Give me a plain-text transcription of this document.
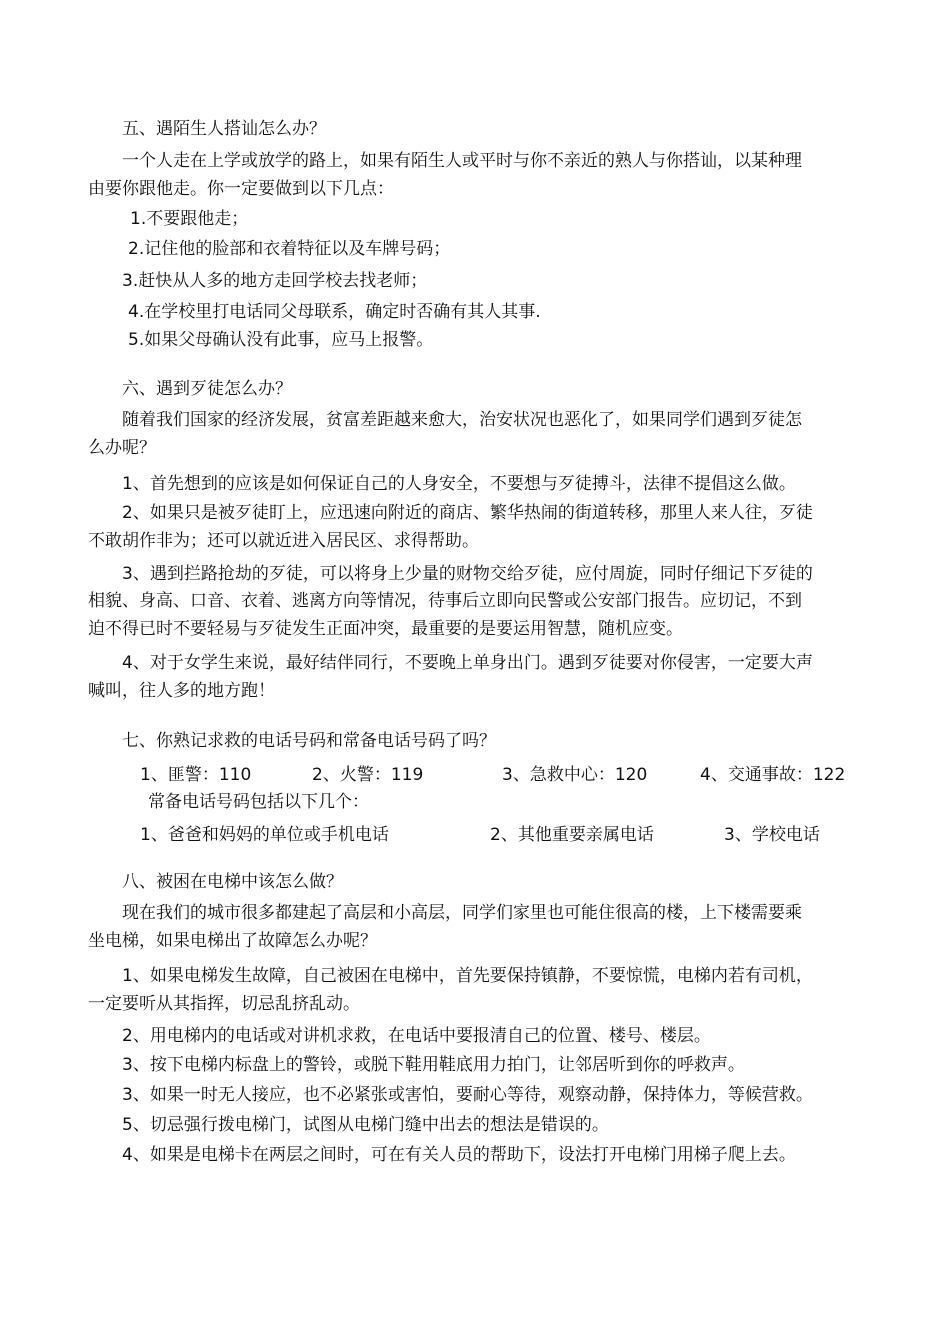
五、遇陌生人搭讪怎么办？
一个人走在上学或放学的路上，如果有陌生人或平时与你不亲近的熟人与你搭讪，以某种理
由要你跟他走。你一定要做到以下几点：
1.不要跟他走；
2.记住他的脸部和衣着特征以及车牌号码；
3.赶快从人多的地方走回学校去找老师；
4.在学校里打电话同父母联系，确定时否确有其人其事.
5.如果父母确认没有此事，应马上报警。
六、遇到歹徒怎么办？
随着我们国家的经济发展，贫富差距越来愈大，治安状况也恶化了，如果同学们遇到歹徒怎
么办呢？
1、首先想到的应该是如何保证自己的人身安全，不要想与歹徒搏斗，法律不提倡这么做。
2、如果只是被歹徒盯上，应迅速向附近的商店、繁华热闹的街道转移，那里人来人往，歹徒
不敢胡作非为；还可以就近进入居民区、求得帮助。
3、遇到拦路抢劫的歹徒，可以将身上少量的财物交给歹徒，应付周旋，同时仔细记下歹徒的
相貌、身高、口音、衣着、逃离方向等情况，待事后立即向民警或公安部门报告。应切记，不到
迫不得已时不要轻易与歹徒发生正面冲突，最重要的是要运用智慧，随机应变。
4、对于女学生来说，最好结伴同行，不要晚上单身出门。遇到歹徒要对你侵害，一定要大声
喊叫，往人多的地方跑！
七、你熟记求救的电话号码和常备电话号码了吗？
1、匪警：110	2、火警：119	3、急救中心：120	4、交通事故：122
常备电话号码包括以下几个：
1、爸爸和妈妈的单位或手机电话	2、其他重要亲属电话	3、学校电话
八、被困在电梯中该怎么做？
现在我们的城市很多都建起了高层和小高层，同学们家里也可能住很高的楼，上下楼需要乘
坐电梯，如果电梯出了故障怎么办呢？
1、如果电梯发生故障，自己被困在电梯中，首先要保持镇静，不要惊慌，电梯内若有司机，
一定要听从其指挥，切忌乱挤乱动。
2、用电梯内的电话或对讲机求救，在电话中要报清自己的位置、楼号、楼层。
3、按下电梯内标盘上的警铃，或脱下鞋用鞋底用力拍门，让邻居听到你的呼救声。
3、如果一时无人接应，也不必紧张或害怕，要耐心等待，观察动静，保持体力，等候营救。
5、切忌强行拨电梯门，试图从电梯门缝中出去的想法是错误的。
4、如果是电梯卡在两层之间时，可在有关人员的帮助下，设法打开电梯门用梯子爬上去。
